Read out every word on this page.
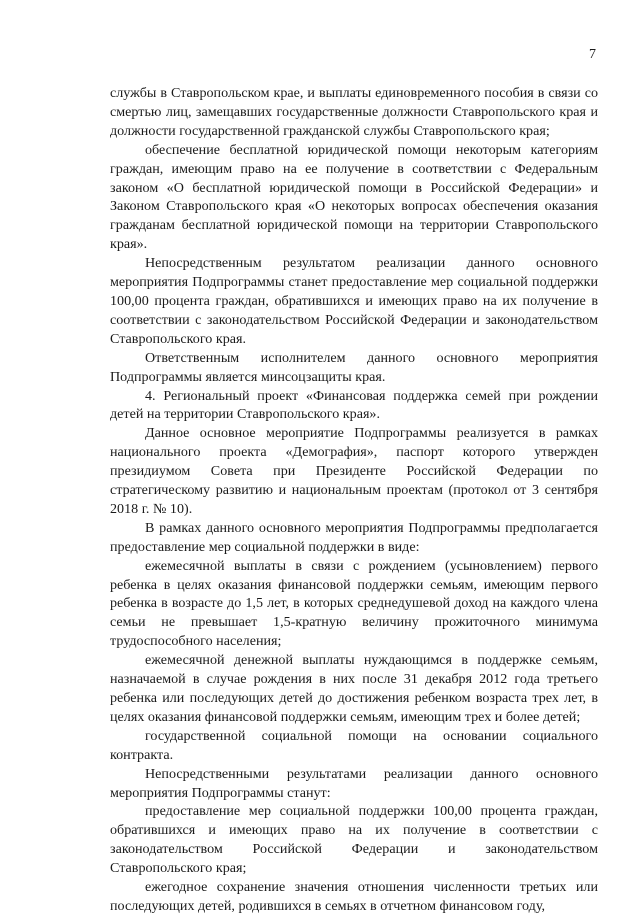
7

службы в Ставропольском крае, и выплаты единовременного пособия в связи со смертью лиц, замещавших государственные должности Ставропольского края и должности государственной гражданской службы Ставропольского края;

обеспечение бесплатной юридической помощи некоторым категориям граждан, имеющим право на ее получение в соответствии с Федеральным законом «О бесплатной юридической помощи в Российской Федерации» и Законом Ставропольского края «О некоторых вопросах обеспечения оказания гражданам бесплатной юридической помощи на территории Ставропольского края».

Непосредственным результатом реализации данного основного мероприятия Подпрограммы станет предоставление мер социальной поддержки 100,00 процента граждан, обратившихся и имеющих право на их получение в соответствии с законодательством Российской Федерации и законодательством Ставропольского края.

Ответственным исполнителем данного основного мероприятия Подпрограммы является минсоцзащиты края.

4. Региональный проект «Финансовая поддержка семей при рождении детей на территории Ставропольского края».

Данное основное мероприятие Подпрограммы реализуется в рамках национального проекта «Демография», паспорт которого утвержден президиумом Совета при Президенте Российской Федерации по стратегическому развитию и национальным проектам (протокол от 3 сентября 2018 г. № 10).

В рамках данного основного мероприятия Подпрограммы предполагается предоставление мер социальной поддержки в виде:

ежемесячной выплаты в связи с рождением (усыновлением) первого ребенка в целях оказания финансовой поддержки семьям, имеющим первого ребенка в возрасте до 1,5 лет, в которых среднедушевой доход на каждого члена семьи не превышает 1,5-кратную величину прожиточного минимума трудоспособного населения;

ежемесячной денежной выплаты нуждающимся в поддержке семьям, назначаемой в случае рождения в них после 31 декабря 2012 года третьего ребенка или последующих детей до достижения ребенком возраста трех лет, в целях оказания финансовой поддержки семьям, имеющим трех и более детей;

государственной социальной помощи на основании социального контракта.

Непосредственными результатами реализации данного основного мероприятия Подпрограммы станут:

предоставление мер социальной поддержки 100,00 процента граждан, обратившихся и имеющих право на их получение в соответствии с законодательством Российской Федерации и законодательством Ставропольского края;

ежегодное сохранение значения отношения численности третьих или последующих детей, родившихся в семьях в отчетном финансовом году,
